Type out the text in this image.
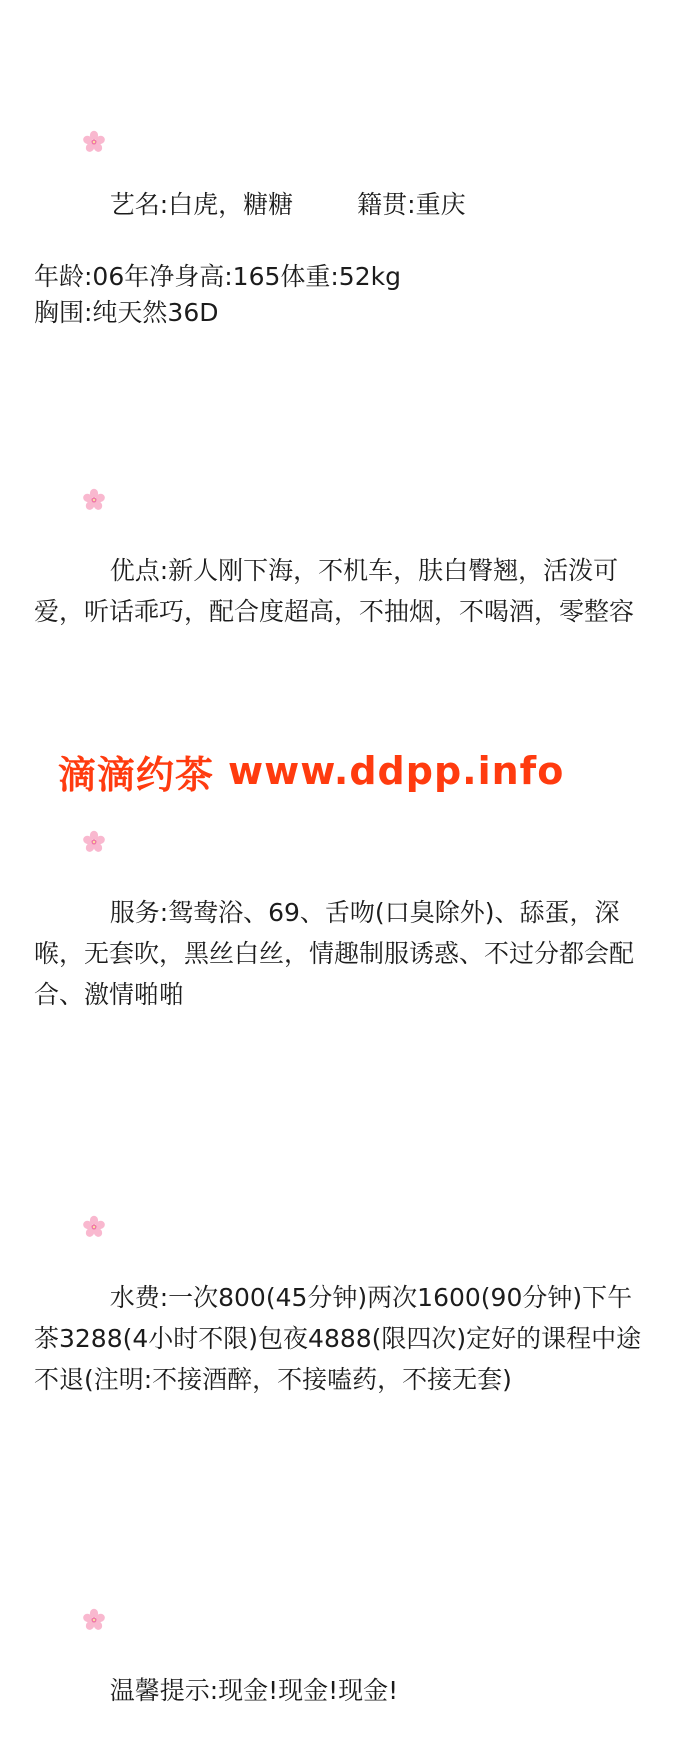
艺名:白虎，糖糖	籍贯:重庆

年龄:06年净身高:165体重:52kg
胸围:纯天然36D

优点:新人刚下海，不机车，肤白臀翘，活泼可爱，听话乖巧，配合度超高，不抽烟，不喝酒，零整容

服务:鸳鸯浴、69、舌吻(口臭除外)、舔蛋，深喉，无套吹，黑丝白丝，情趣制服诱惑、不过分都会配合、激情啪啪

水费:一次800(45分钟)两次1600(90分钟)下午茶3288(4小时不限)包夜4888(限四次)定好的课程中途不退(注明:不接酒醉，不接嗑药，不接无套)

温馨提示:现金!现金!现金!

滴滴约茶 www.ddpp.info
